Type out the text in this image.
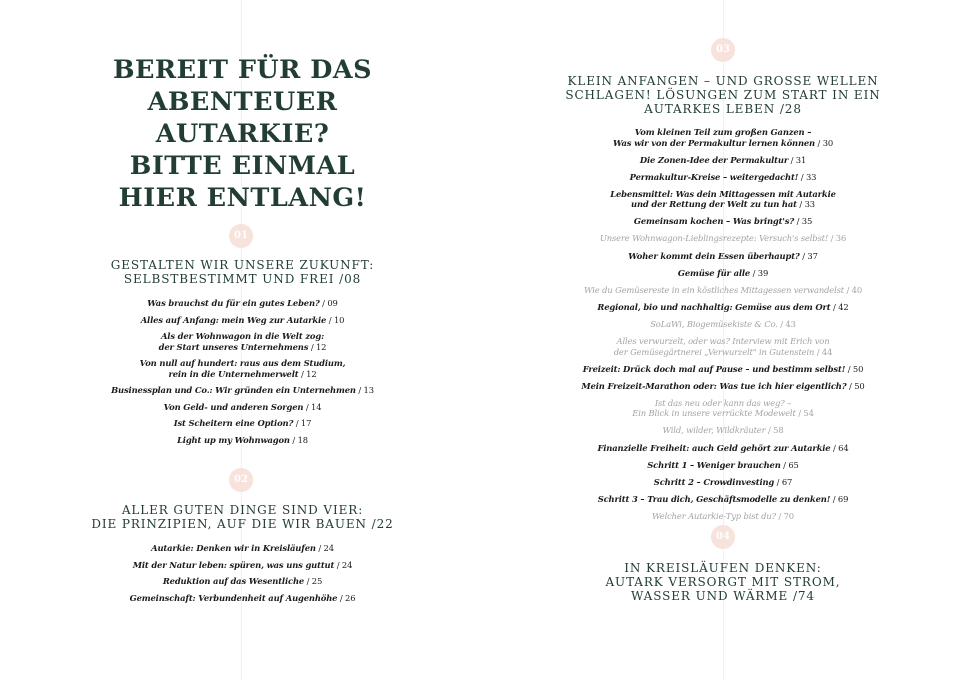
BEREIT FÜR DAS
ABENTEUER AUTARKIE?
BITTE EINMAL
HIER ENTLANG!
01
GESTALTEN WIR UNSERE ZUKUNFT:
SELBSTBESTIMMT UND FREI /08
Was brauchst du für ein gutes Leben? / 09
Alles auf Anfang: mein Weg zur Autarkie / 10
Als der Wohnwagon in die Welt zog:
der Start unseres Unternehmens / 12
Von null auf hundert: raus aus dem Studium,
rein in die Unternehmerwelt / 12
Businessplan und Co.: Wir gründen ein Unternehmen / 13
Von Geld- und anderen Sorgen / 14
Ist Scheitern eine Option? / 17
Light up my Wohnwagon / 18
02
ALLER GUTEN DINGE SIND VIER:
DIE PRINZIPIEN, AUF DIE WIR BAUEN /22
Autarkie: Denken wir in Kreisläufen / 24
Mit der Natur leben: spüren, was uns guttut / 24
Reduktion auf das Wesentliche / 25
Gemeinschaft: Verbundenheit auf Augenhöhe / 26
03
KLEIN ANFANGEN – UND GROSSE WELLEN
SCHLAGEN! LÖSUNGEN ZUM START IN EIN
AUTARKES LEBEN /28
Vom kleinen Teil zum großen Ganzen –
Was wir von der Permakultur lernen können / 30
Die Zonen-Idee der Permakultur / 31
Permakultur-Kreise – weitergedacht! / 33
Lebensmittel: Was dein Mittagessen mit Autarkie
und der Rettung der Welt zu tun hat / 33
Gemeinsam kochen – Was bringt's? / 35
Unsere Wohnwagon-Lieblingsrezepte: Versuch's selbst! / 36
Woher kommt dein Essen überhaupt? / 37
Gemüse für alle / 39
Wie du Gemüsereste in ein köstliches Mittagessen verwandelst / 40
Regional, bio und nachhaltig: Gemüse aus dem Ort / 42
SoLaWi, Biogemüsekiste & Co. / 43
Alles verwurzelt, oder was? Interview mit Erich von
der Gemüsegärtnerei „Verwurzelt" in Gutenstein / 44
Freizeit: Drück doch mal auf Pause – und bestimm selbst! / 50
Mein Freizeit-Marathon oder: Was tue ich hier eigentlich? / 50
Ist das neu oder kann das weg? –
Ein Blick in unsere verrückte Modewelt / 54
Wild, wilder, Wildkräuter / 58
Finanzielle Freiheit: auch Geld gehört zur Autarkie / 64
Schritt 1 – Weniger brauchen / 65
Schritt 2 – Crowdinvesting / 67
Schritt 3 – Trau dich, Geschäftsmodelle zu denken! / 69
Welcher Autarkie-Typ bist du? / 70
04
IN KREISLÄUFEN DENKEN:
AUTARK VERSORGT MIT STROM,
WASSER UND WÄRME /74
